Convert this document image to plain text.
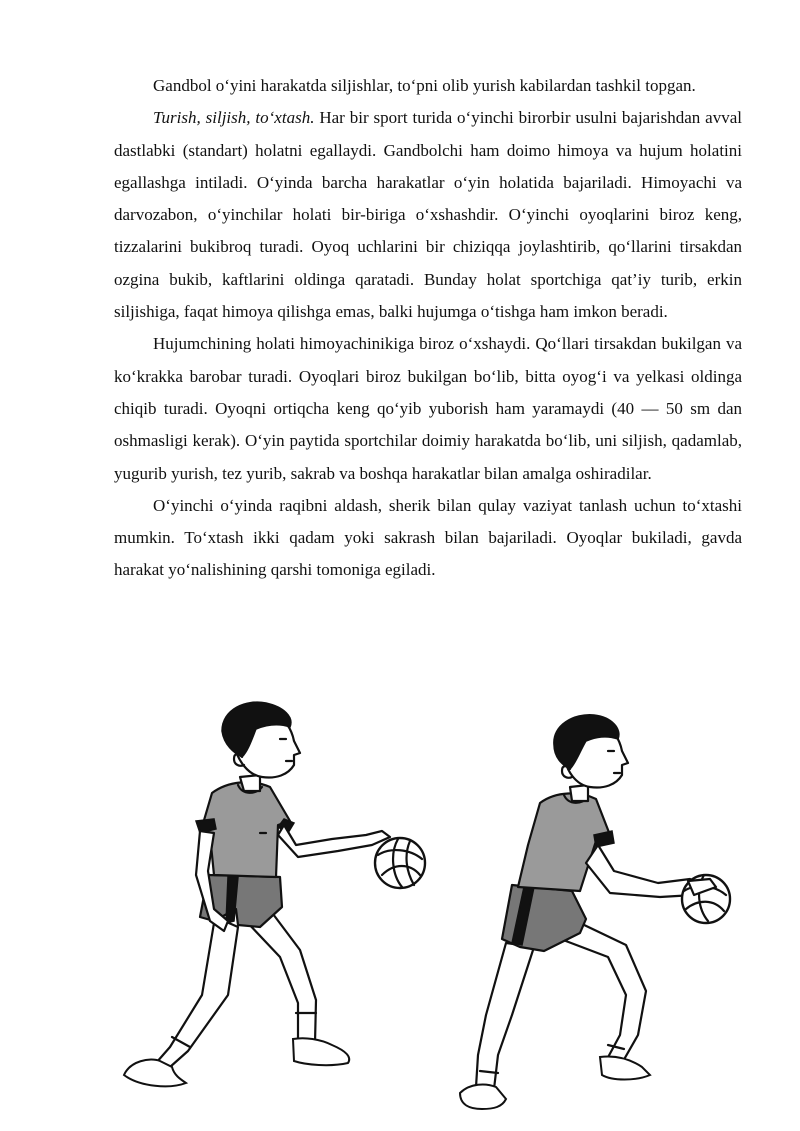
Gandbol o‘yini harakatda siljishlar, to‘pni olib yurish kabilardan tashkil topgan.

Turish, siljish, to‘xtash. Har bir sport turida o‘yinchi birorbir usulni bajarishdan avval dastlabki (standart) holatni egallaydi. Gandbolchi ham doimo himoya va hujum holatini egallashga intiladi. O‘yinda barcha harakatlar o‘yin holatida bajariladi. Himoyachi va darvozabon, o‘yinchilar holati bir-biriga o‘xshashdir. O‘yinchi oyoqlarini biroz keng, tizzalarini bukibroq turadi. Oyoq uchlarini bir chiziqqa joylashtirib, qo‘llarini tirsakdan ozgina bukib, kaftlarini oldinga qaratadi. Bunday holat sportchiga qat’iy turib, erkin siljishiga, faqat himoya qilishga emas, balki hujumga o‘tishga ham imkon beradi.

Hujumchining holati himoyachinikiga biroz o‘xshaydi. Qo‘llari tirsakdan bukilgan va ko‘krakka barobar turadi. Oyoqlari biroz bukilgan bo‘lib, bitta oyog‘i va yelkasi oldinga chiqib turadi. Oyoqni ortiqcha keng qo‘yib yuborish ham yaramaydi (40 — 50 sm dan oshmasligi kerak). O‘yin paytida sportchilar doimiy harakatda bo‘lib, uni siljish, qadamlab, yugurib yurish, tez yurib, sakrab va boshqa harakatlar bilan amalga oshiradilar.

O‘yinchi o‘yinda raqibni aldash, sherik bilan qulay vaziyat tanlash uchun to‘xtashi mumkin. To‘xtash ikki qadam yoki sakrash bilan bajariladi. Oyoqlar bukiladi, gavda harakat yo‘nalishining qarshi tomoniga egiladi.
